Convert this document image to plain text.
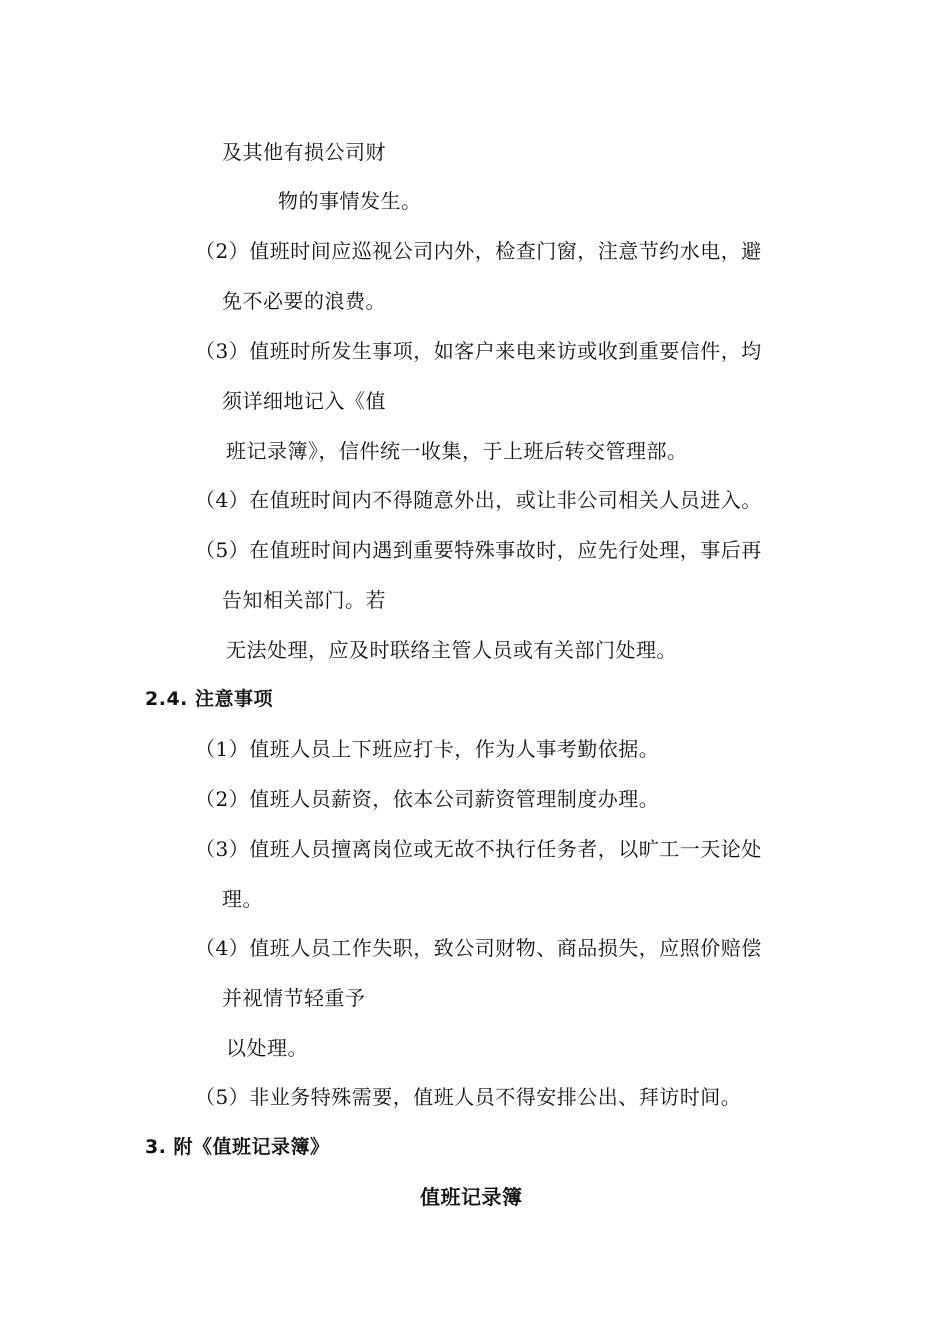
及其他有损公司财
物的事情发生。
（2）值班时间应巡视公司内外，检查门窗，注意节约水电，避
免不必要的浪费。
（3）值班时所发生事项，如客户来电来访或收到重要信件，均
须详细地记入《值
班记录簿》，信件统一收集，于上班后转交管理部。
（4）在值班时间内不得随意外出，或让非公司相关人员进入。
（5）在值班时间内遇到重要特殊事故时，应先行处理，事后再
告知相关部门。若
无法处理，应及时联络主管人员或有关部门处理。
2.4. 注意事项
（1）值班人员上下班应打卡，作为人事考勤依据。
（2）值班人员薪资，依本公司薪资管理制度办理。
（3）值班人员擅离岗位或无故不执行任务者，以旷工一天论处
理。
（4）值班人员工作失职，致公司财物、商品损失，应照价赔偿
并视情节轻重予
以处理。
（5）非业务特殊需要，值班人员不得安排公出、拜访时间。
3. 附《值班记录簿》
值班记录簿
